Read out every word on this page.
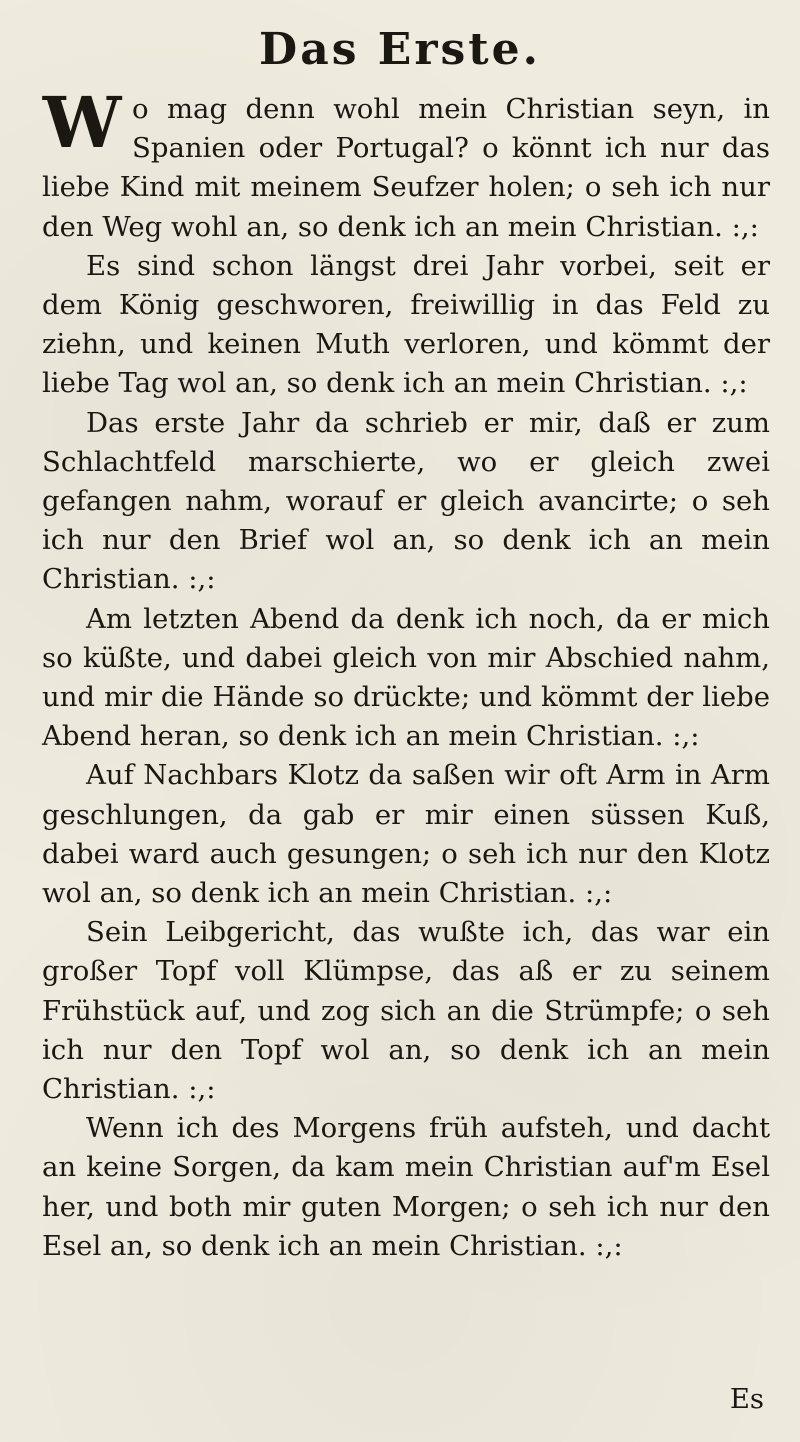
Das Erste.

W o mag denn wohl mein Christian seyn, in Spanien oder Portugal? o könnt ich nur das liebe Kind mit meinem Seufzer holen; o seh ich nur den Weg wohl an, so denk ich an mein Christian. :,:

Es sind schon längst drei Jahr vorbei, seit er dem König geschworen, freiwillig in das Feld zu ziehn, und keinen Muth verloren, und kömmt der liebe Tag wol an, so denk ich an mein Christian. :,:

Das erste Jahr da schrieb er mir, daß er zum Schlachtfeld marschierte, wo er gleich zwei gefangen nahm, worauf er gleich avancirte; o seh ich nur den Brief wol an, so denk ich an mein Christian. :,:

Am letzten Abend da denk ich noch, da er mich so küßte, und dabei gleich von mir Abschied nahm, und mir die Hände so drückte; und kömmt der liebe Abend heran, so denk ich an mein Christian. :,:

Auf Nachbars Klotz da saßen wir oft Arm in Arm geschlungen, da gab er mir einen süssen Kuß, dabei ward auch gesungen; o seh ich nur den Klotz wol an, so denk ich an mein Christian. :,:

Sein Leibgericht, das wußte ich, das war ein großer Topf voll Klümpse, das aß er zu seinem Frühstück auf, und zog sich an die Strümpfe; o seh ich nur den Topf wol an, so denk ich an mein Christian. :,:

Wenn ich des Morgens früh aufsteh, und dacht an keine Sorgen, da kam mein Christian auf'm Esel her, und both mir guten Morgen; o seh ich nur den Esel an, so denk ich an mein Christian. :,:

Es
